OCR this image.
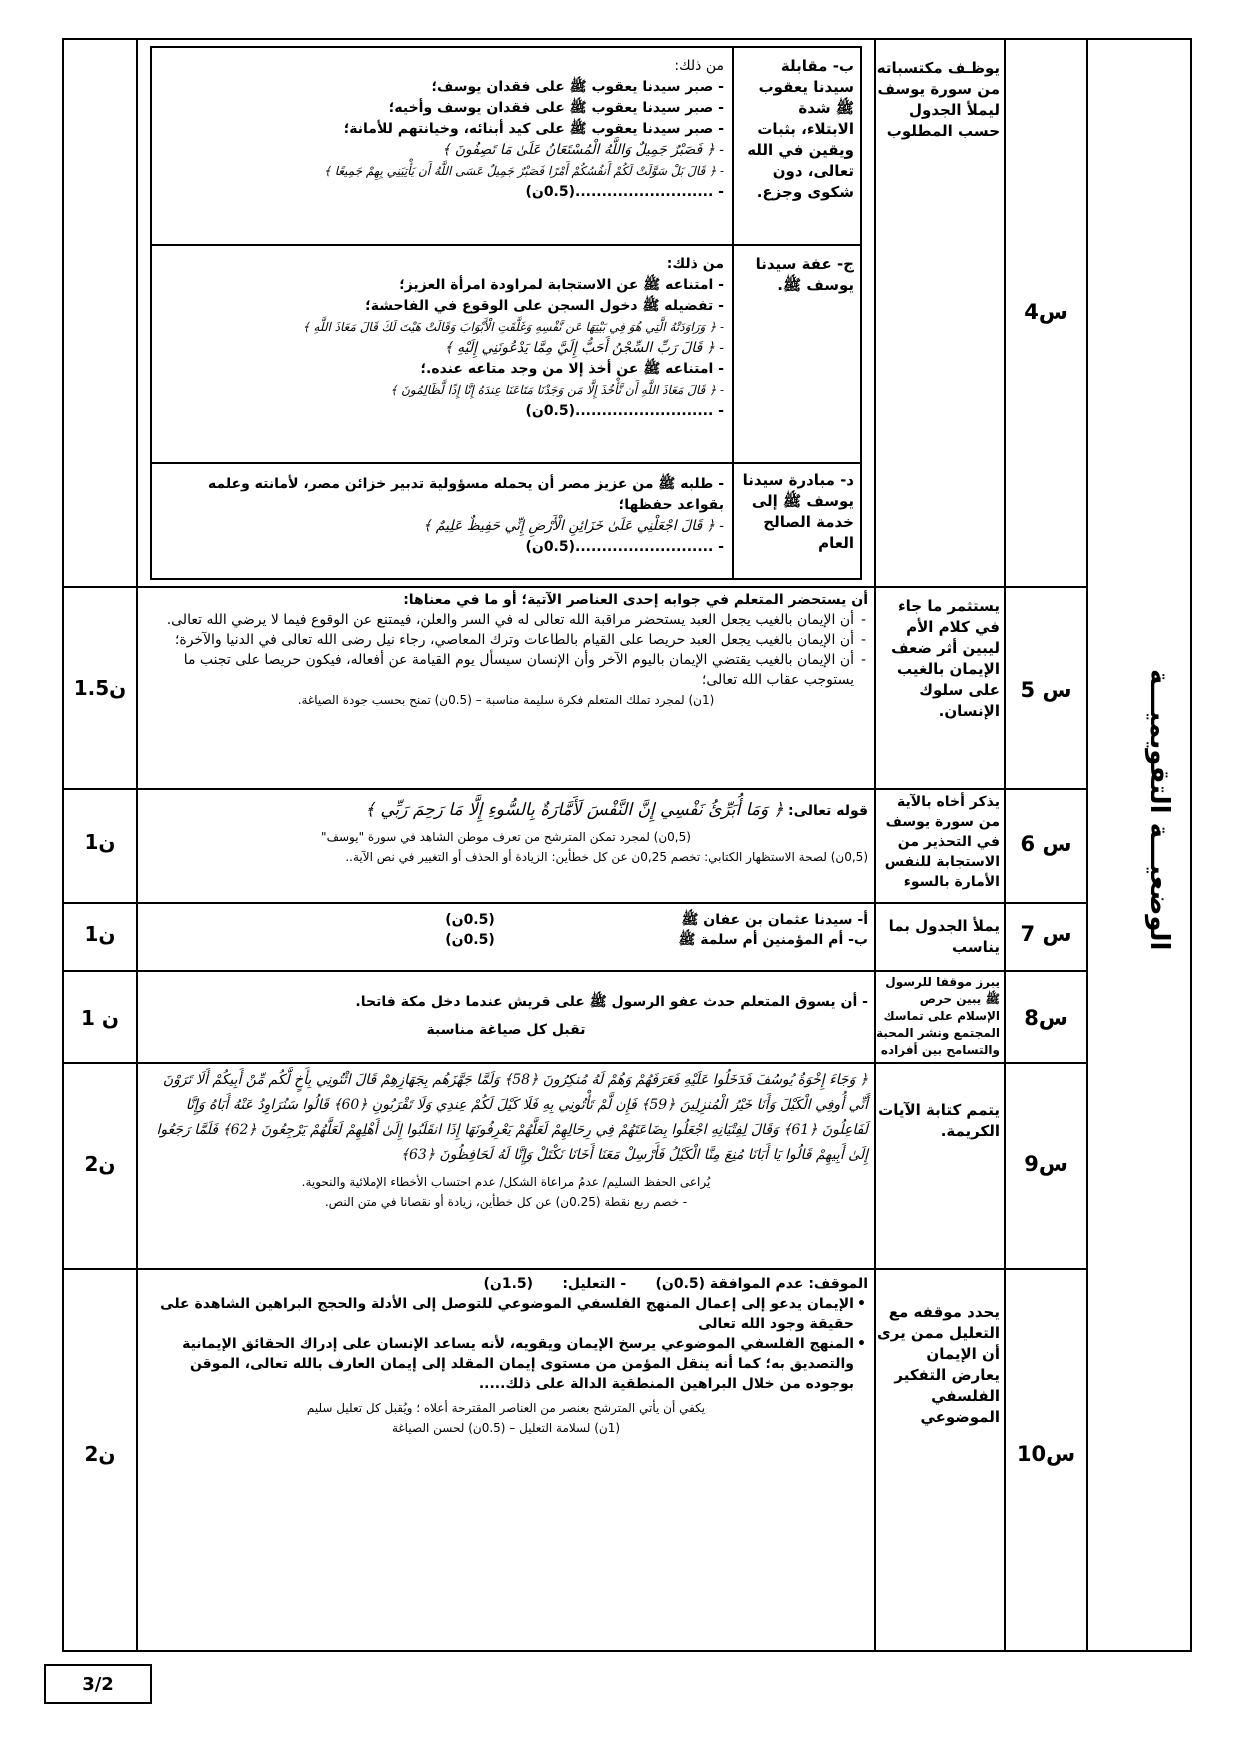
الوضعيـــة التقويميـــة
س4
يوظـف مكتسباته من سورة يوسف ليملأ الجدول حسب المطلوب
ب- مقابلة سيدنا يعقوب ﷺ شدة الابتلاء، بثبات ويقين في الله تعالى، دون شكوى وجزع.
من ذلك:
- صبر سيدنا يعقوب ﷺ على فقدان يوسف؛
- صبر سيدنا يعقوب ﷺ على فقدان يوسف وأخيه؛
- صبر سيدنا يعقوب ﷺ على كيد أبنائه، وخيانتهم للأمانة؛
- ﴿ فَصَبْرٌ جَمِيلٌ وَاللَّهُ الْمُسْتَعَانُ عَلَىٰ مَا تَصِفُونَ ﴾
- ﴿ قَالَ بَلْ سَوَّلَتْ لَكُمْ أَنفُسُكُمْ أَمْرًا فَصَبْرٌ جَمِيلٌ عَسَى اللَّهُ أَن يَأْتِيَنِي بِهِمْ جَمِيعًا ﴾
- ..........................(0.5ن)
ج- عفة سيدنا يوسف ﷺ.
من ذلك:
- امتناعه ﷺ عن الاستجابة لمراودة امرأة العزيز؛
- تفضيله ﷺ دخول السجن على الوقوع في الفاحشة؛
- ﴿ وَرَاوَدَتْهُ الَّتِي هُوَ فِي بَيْتِهَا عَن نَّفْسِهِ وَغَلَّقَتِ الْأَبْوَابَ وَقَالَتْ هَيْتَ لَكَ قَالَ مَعَاذَ اللَّهِ ﴾
- ﴿ قَالَ رَبِّ السِّجْنُ أَحَبُّ إِلَيَّ مِمَّا يَدْعُونَنِي إِلَيْهِ ﴾
- امتناعه ﷺ عن أخذ إلا من وجد متاعه عنده.؛
- ﴿ قَالَ مَعَاذَ اللَّهِ أَن نَّأْخُذَ إِلَّا مَن وَجَدْنَا مَتَاعَنَا عِندَهُ إِنَّا إِذًا لَّظَالِمُونَ ﴾
- ..........................(0.5ن)
د- مبادرة سيدنا يوسف ﷺ إلى خدمة الصالح العام
- طلبه ﷺ من عزيز مصر أن يحمله مسؤولية تدبير خزائن مصر، لأمانته وعلمه بقواعد حفظها؛
- ﴿ قَالَ اجْعَلْنِي عَلَىٰ خَزَائِنِ الْأَرْضِ إِنِّي حَفِيظٌ عَلِيمٌ ﴾
- ..........................(0.5ن)
س 5
يستثمر ما جاء في كلام الأم ليبين أثر ضعف الإيمان بالغيب على سلوك الإنسان.
1.5ن
أن يستحضر المتعلم في جوابه إحدى العناصر الآتية؛ أو ما في معناها:
- أن الإيمان بالغيب يجعل العبد يستحضر مراقبة الله تعالى له في السر والعلن، فيمتنع عن الوقوع فيما لا يرضي الله تعالى.
- أن الإيمان بالغيب يجعل العبد حريصا على القيام بالطاعات وترك المعاصي، رجاء نيل رضى الله تعالى في الدنيا والآخرة؛
- أن الإيمان بالغيب يقتضي الإيمان باليوم الآخر وأن الإنسان سيسأل يوم القيامة عن أفعاله، فيكون حريصا على تجنب ما يستوجب عقاب الله تعالى؛
(1ن) لمجرد تملك المتعلم فكرة سليمة مناسبة – (0.5ن) تمنح بحسب جودة الصياغة.
س 6
يذكر أخاه بالآية من سورة يوسف في التحذير من الاستجابة للنفس الأمارة بالسوء
1ن
قوله تعالى: ﴿ وَمَا أُبَرِّئُ نَفْسِي إِنَّ النَّفْسَ لَأَمَّارَةٌ بِالسُّوءِ إِلَّا مَا رَحِمَ رَبِّي ﴾
(0,5ن) لمجرد تمكن المترشح من تعرف موطن الشاهد في سورة "يوسف"
(0,5ن) لصحة الاستظهار الكتابي: تخصم 0,25ن عن كل خطأين: الزيادة أو الحذف أو التغيير في نص الآية..
س 7
يملأ الجدول بما يناسب
1ن
أ- سيدنا عثمان بن عفان ﷺ
ب- أم المؤمنين أم سلمة ﷺ
(0.5ن)
(0.5ن)
س8
يبرز موقفا للرسول ﷺ يبين حرص الإسلام على تماسك المجتمع ونشر المحبة والتسامح بين أفراده
1 ن
- أن يسوق المتعلم حدث عفو الرسول ﷺ على قريش عندما دخل مكة فاتحا.
تقبل كل صياغة مناسبة
س9
يتمم كتابة الآيات الكريمة.
2ن
﴿ وَجَاءَ إِخْوَةُ يُوسُفَ فَدَخَلُوا عَلَيْهِ فَعَرَفَهُمْ وَهُمْ لَهُ مُنكِرُونَ ﴿58﴾ وَلَمَّا جَهَّزَهُم بِجَهَازِهِمْ قَالَ ائْتُونِي بِأَخٍ لَّكُم مِّنْ أَبِيكُمْ أَلَا تَرَوْنَ أَنِّي أُوفِي الْكَيْلَ وَأَنَا خَيْرُ الْمُنزِلِينَ ﴿59﴾ فَإِن لَّمْ تَأْتُونِي بِهِ فَلَا كَيْلَ لَكُمْ عِندِي وَلَا تَقْرَبُونِ ﴿60﴾ قَالُوا سَنُرَاوِدُ عَنْهُ أَبَاهُ وَإِنَّا لَفَاعِلُونَ ﴿61﴾ وَقَالَ لِفِتْيَانِهِ اجْعَلُوا بِضَاعَتَهُمْ فِي رِحَالِهِمْ لَعَلَّهُمْ يَعْرِفُونَهَا إِذَا انقَلَبُوا إِلَىٰ أَهْلِهِمْ لَعَلَّهُمْ يَرْجِعُونَ ﴿62﴾ فَلَمَّا رَجَعُوا إِلَىٰ أَبِيهِمْ قَالُوا يَا أَبَانَا مُنِعَ مِنَّا الْكَيْلُ فَأَرْسِلْ مَعَنَا أَخَانَا نَكْتَلْ وَإِنَّا لَهُ لَحَافِظُونَ ﴿63﴾
يُراعى الحفظ السليم/ عدمُ مراعاة الشكل/ عدم احتساب الأخطاء الإملائية والنحوية.
- خصم ربع نقطة (0.25ن) عن كل خطأين، زيادة أو نقصانا في متن النص.
س10
يحدد موقفه مع التعليل ممن يرى أن الإيمان يعارض التفكير الفلسفي الموضوعي
2ن
الموقف: عدم الموافقة (0.5ن)      - التعليل:      (1.5ن)
• الإيمان يدعو إلى إعمال المنهج الفلسفي الموضوعي للتوصل إلى الأدلة والحجج البراهين الشاهدة على حقيقة وجود الله تعالى
• المنهج الفلسفي الموضوعي يرسخ الإيمان ويقويه، لأنه يساعد الإنسان على إدراك الحقائق الإيمانية والتصديق به؛ كما أنه ينقل المؤمن من مستوى إيمان المقلد إلى إيمان العارف بالله تعالى، الموقن بوجوده من خلال البراهين المنطقية الدالة على ذلك.....
يكفي أن يأتي المترشح بعنصر من العناصر المقترحة أعلاه ؛ ويُقبل كل تعليل سليم
(1ن) لسلامة التعليل – (0.5ن) لحسن الصياغة
3/2
